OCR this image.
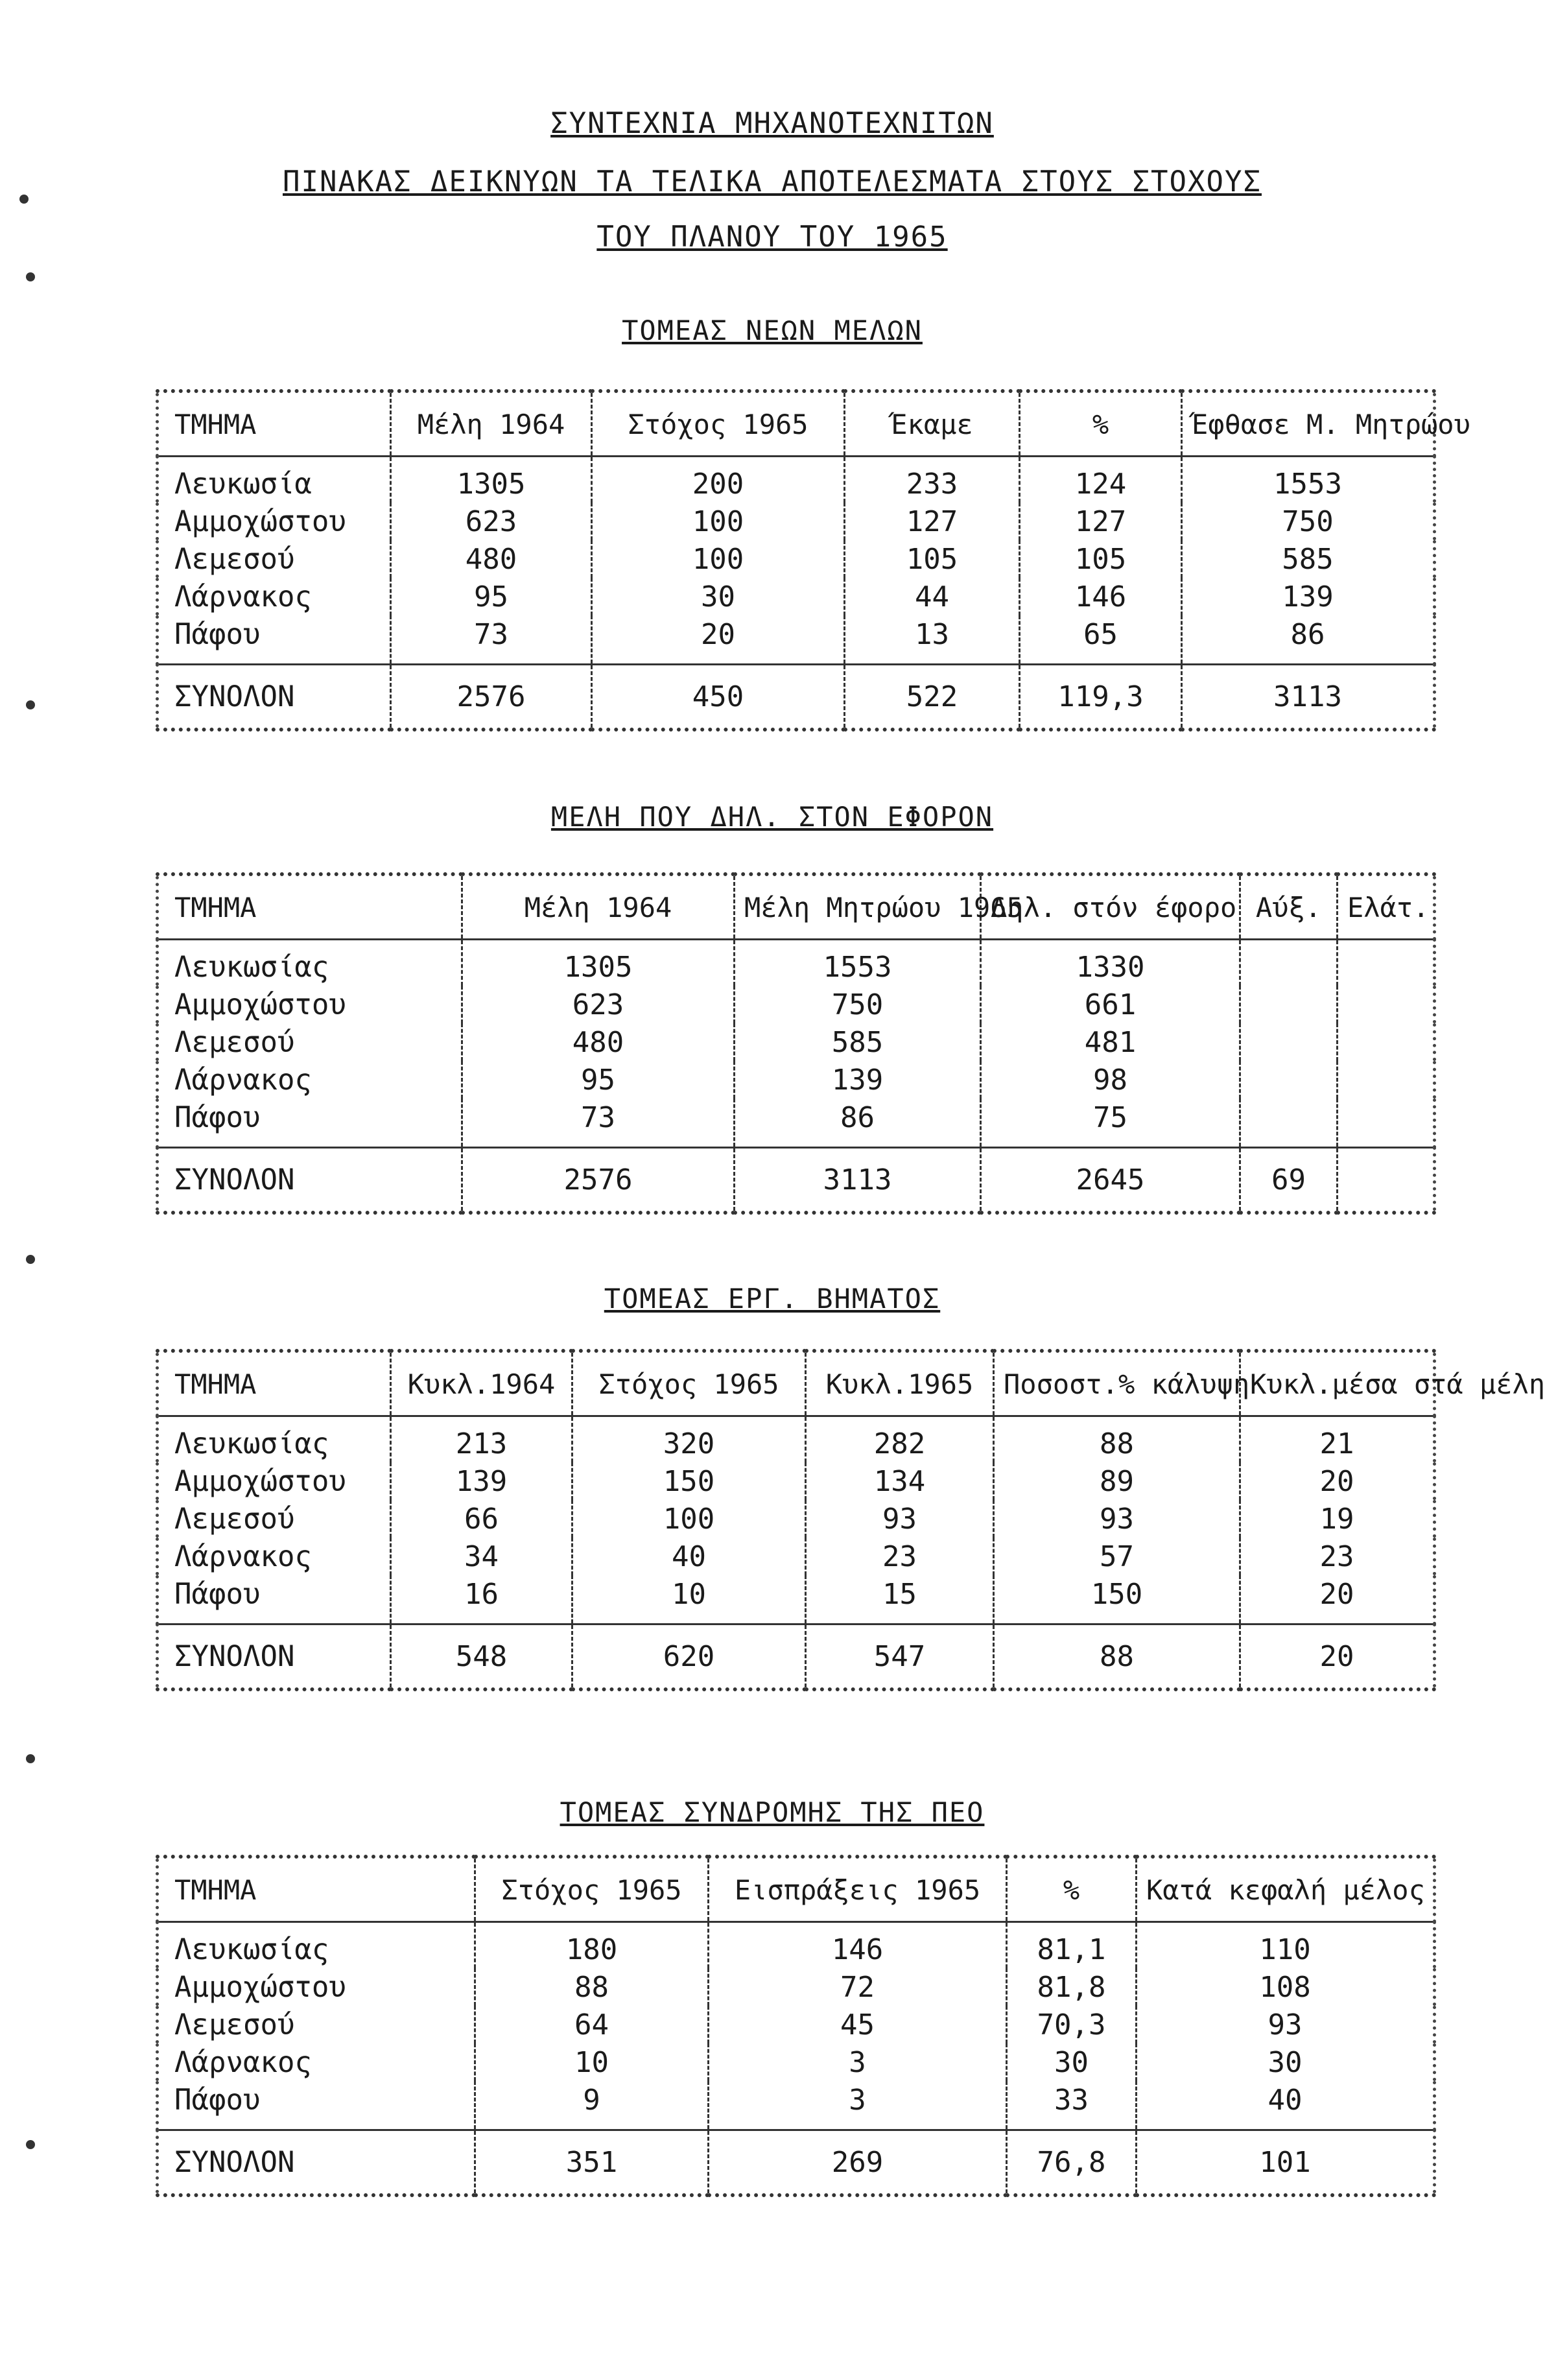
ΣΥΝΤΕΧΝΙΑ ΜΗΧΑΝΟΤΕΧΝΙΤΩΝ
ΠΙΝΑΚΑΣ ΔΕΙΚΝΥΩΝ ΤΑ ΤΕΛΙΚΑ ΑΠΟΤΕΛΕΣΜΑΤΑ ΣΤΟΥΣ ΣΤΟΧΟΥΣ
ΤΟΥ ΠΛΑΝΟΥ ΤΟΥ 1965
ΤΟΜΕΑΣ ΝΕΩΝ ΜΕΛΩΝ
ΤΜΗΜΑ	Μέλη 1964	Στόχος 1965	Έκαμε	%	Έφθασε Μ. Μητρώου
Λευκωσία	1305	200	233	124	1553
Αμμοχώστου	623	100	127	127	750
Λεμεσού	480	100	105	105	585
Λάρνακος	95	30	44	146	139
Πάφου	73	20	13	65	86
ΣΥΝΟΛΟΝ	2576	450	522	119,3	3113
ΜΕΛΗ ΠΟΥ ΔΗΛ. ΣΤΟΝ ΕΦΟΡΟΝ
ΤΜΗΜΑ	Μέλη 1964	Μέλη Μητρώου 1965	Δηλ. στόν έφορο	Αύξ.	Ελάτ.
Λευκωσίας	1305	1553	1330		
Αμμοχώστου	623	750	661		
Λεμεσού	480	585	481		
Λάρνακος	95	139	98		
Πάφου	73	86	75		
ΣΥΝΟΛΟΝ	2576	3113	2645	69	
ΤΟΜΕΑΣ ΕΡΓ. ΒΗΜΑΤΟΣ
ΤΜΗΜΑ	Κυκλ.1964	Στόχος 1965	Κυκλ.1965	Ποσοστ.% κάλυψη	Κυκλ.μέσα στά μέλη
Λευκωσίας	213	320	282	88	21
Αμμοχώστου	139	150	134	89	20
Λεμεσού	66	100	93	93	19
Λάρνακος	34	40	23	57	23
Πάφου	16	10	15	150	20
ΣΥΝΟΛΟΝ	548	620	547	88	20
ΤΟΜΕΑΣ ΣΥΝΔΡΟΜΗΣ ΤΗΣ ΠΕΟ
ΤΜΗΜΑ	Στόχος 1965	Εισπράξεις 1965	%	Κατά κεφαλή μέλος
Λευκωσίας	180	146	81,1	110
Αμμοχώστου	88	72	81,8	108
Λεμεσού	64	45	70,3	93
Λάρνακος	10	3	30	30
Πάφου	9	3	33	40
ΣΥΝΟΛΟΝ	351	269	76,8	101
